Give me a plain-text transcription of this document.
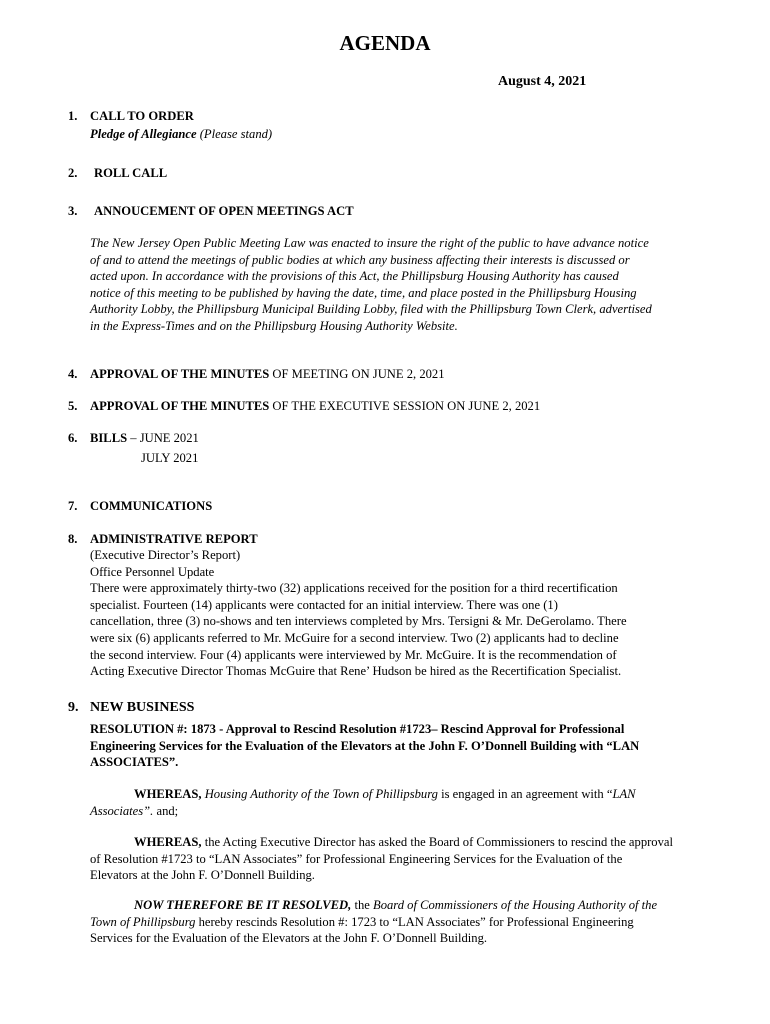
AGENDA
August 4, 2021
1. CALL TO ORDER
Pledge of Allegiance (Please stand)
2. ROLL CALL
3. ANNOUCEMENT OF OPEN MEETINGS ACT
The New Jersey Open Public Meeting Law was enacted to insure the right of the public to have advance notice
of and to attend the meetings of public bodies at which any business affecting their interests is discussed or
acted upon. In accordance with the provisions of this Act, the Phillipsburg Housing Authority has caused
notice of this meeting to be published by having the date, time, and place posted in the Phillipsburg Housing
Authority Lobby, the Phillipsburg Municipal Building Lobby, filed with the Phillipsburg Town Clerk, advertised
in the Express-Times and on the Phillipsburg Housing Authority Website.
4. APPROVAL OF THE MINUTES OF MEETING ON JUNE 2, 2021
5. APPROVAL OF THE MINUTES OF THE EXECUTIVE SESSION ON JUNE 2, 2021
6. BILLS – JUNE 2021
JULY 2021
7. COMMUNICATIONS
8. ADMINISTRATIVE REPORT
(Executive Director’s Report)
Office Personnel Update
There were approximately thirty-two (32) applications received for the position for a third recertification
specialist. Fourteen (14) applicants were contacted for an initial interview. There was one (1)
cancellation, three (3) no-shows and ten interviews completed by Mrs. Tersigni & Mr. DeGerolamo. There
were six (6) applicants referred to Mr. McGuire for a second interview. Two (2) applicants had to decline
the second interview. Four (4) applicants were interviewed by Mr. McGuire. It is the recommendation of
Acting Executive Director Thomas McGuire that Rene’ Hudson be hired as the Recertification Specialist.
9. NEW BUSINESS
RESOLUTION #: 1873 - Approval to Rescind Resolution #1723– Rescind Approval for Professional
Engineering Services for the Evaluation of the Elevators at the John F. O’Donnell Building with “LAN
ASSOCIATES”.
WHEREAS, Housing Authority of the Town of Phillipsburg is engaged in an agreement with “LAN
Associates”. and;
WHEREAS, the Acting Executive Director has asked the Board of Commissioners to rescind the approval
of Resolution #1723 to “LAN Associates” for Professional Engineering Services for the Evaluation of the
Elevators at the John F. O’Donnell Building.
NOW THEREFORE BE IT RESOLVED, the Board of Commissioners of the Housing Authority of the
Town of Phillipsburg hereby rescinds Resolution #: 1723 to “LAN Associates” for Professional Engineering
Services for the Evaluation of the Elevators at the John F. O’Donnell Building.
